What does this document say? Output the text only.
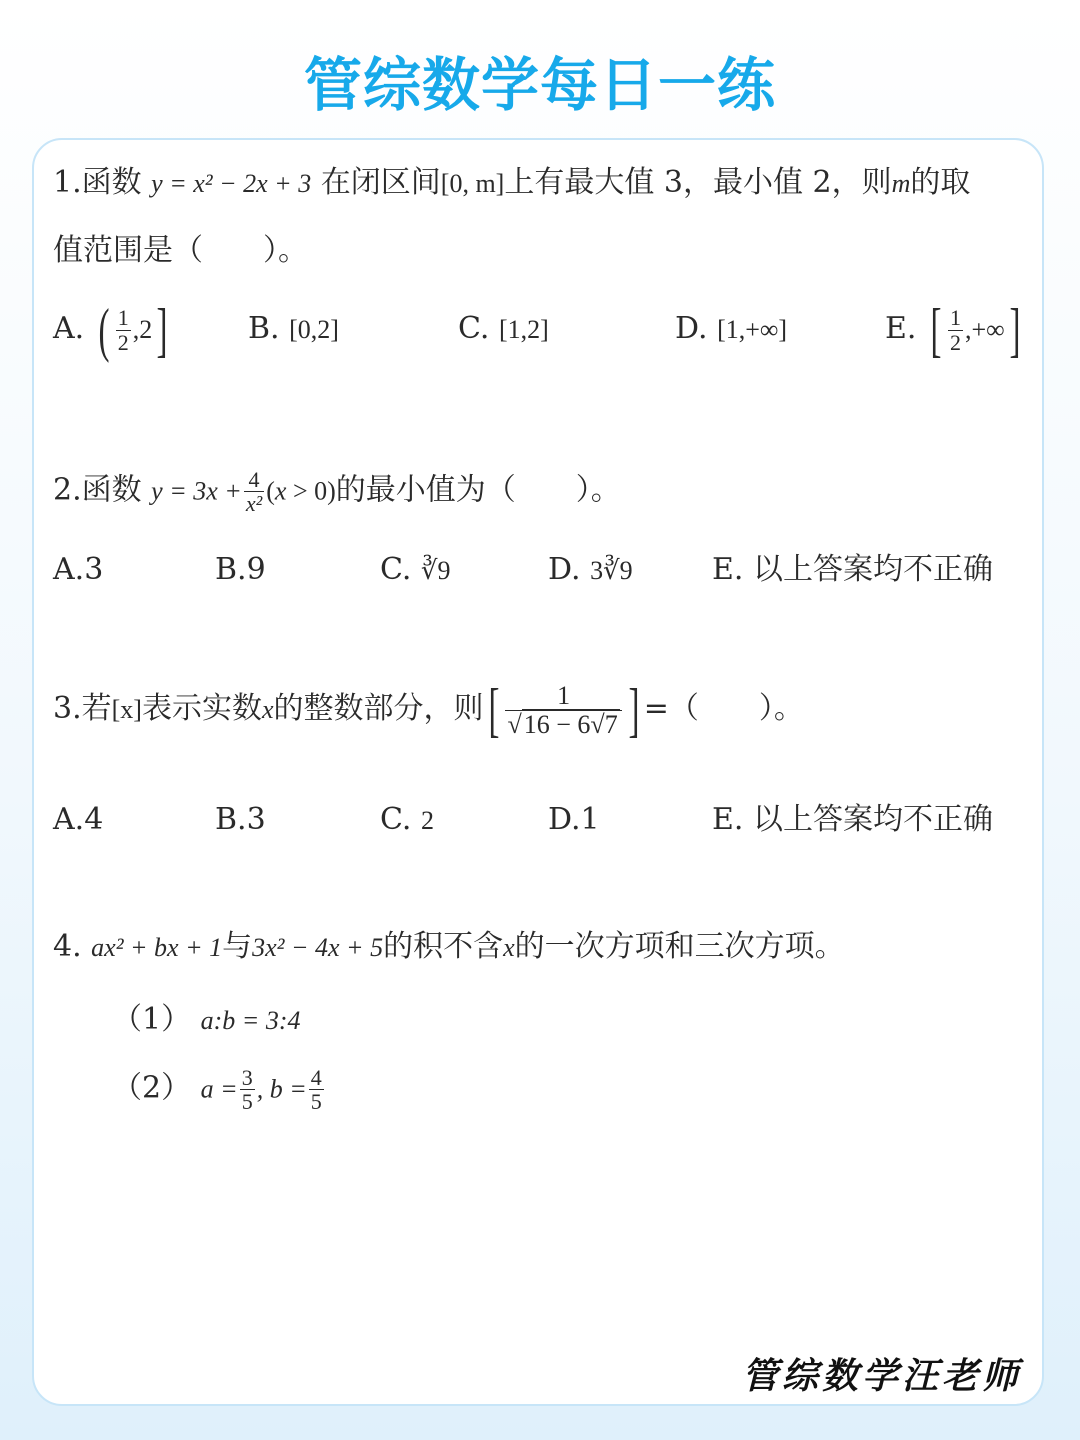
管综数学每日一练
1.函数 y = x² − 2x + 3 在闭区间[0, m]上有最大值 3，最小值 2，则m的取
值范围是（　　）。
A. ( $\frac{1}{2} ,2$]	B. [0,2]	C. [1,2]	D. [1,+∞]	E. [ $\frac{1}{2}$ ,+∞]
2.函数 $y = 3x + \frac{4}{\text{x²}} (x > 0)$的最小值为（　　）。
A.3	B.9	C. ∛9	D. 3∛9	E. 以上答案均不正确
3.若[x]表示实数x的整数部分，则[ $\frac{1}{√16 - 6√7}$ ] =（　　）。
A.4	B.3	C. 2	D.1	E. 以上答案均不正确
4. ax² + bx + 1与3x² − 4x + 5的积不含x的一次方项和三次方项。
（1） a:b = 3:4
（2） $a = \frac{3}{5}$ , $b = \frac{4}{5}$
管综数学汪老师
